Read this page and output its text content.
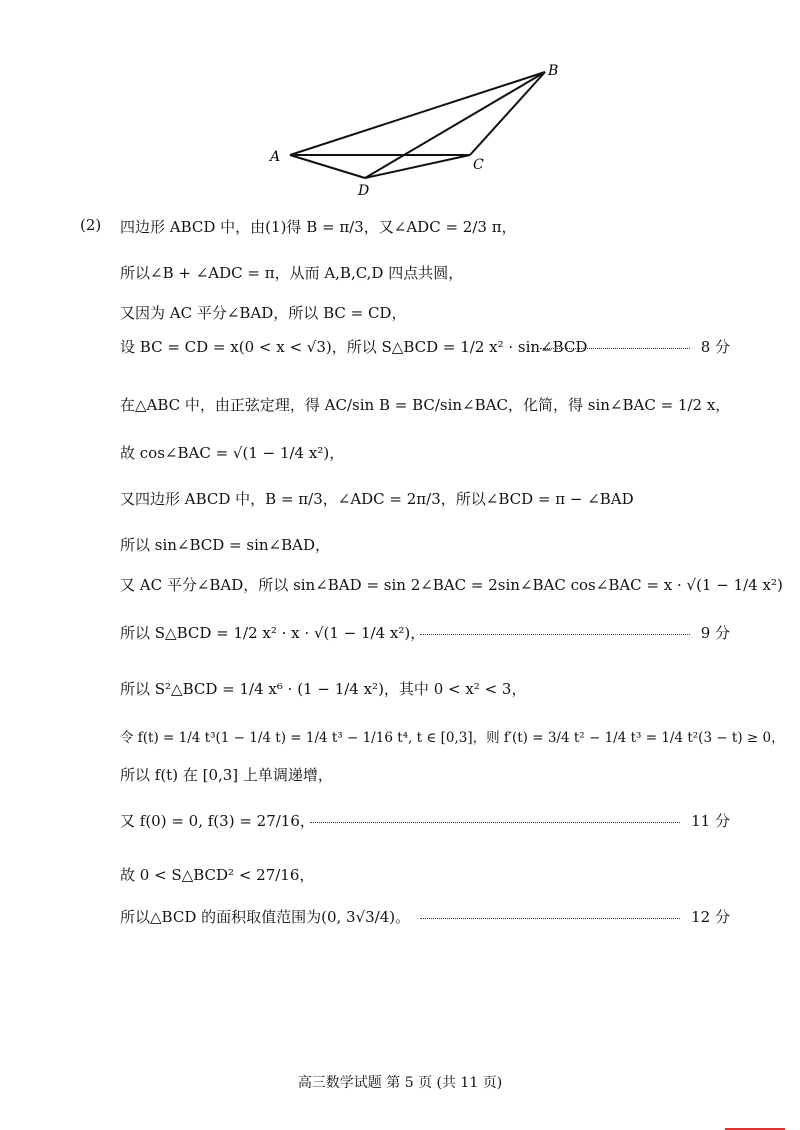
A
B
C
D
(2) 四边形 ABCD 中，由(1)得 B = π/3，又∠ADC = 2/3 π，
所以∠B + ∠ADC = π，从而 A,B,C,D 四点共圆，
又因为 AC 平分∠BAD，所以 BC = CD，
设 BC = CD = x(0 < x < √3)，所以 S△BCD = 1/2 x² · sin∠BCD	8 分
在△ABC 中，由正弦定理，得 AC/sin B = BC/sin∠BAC，化简，得 sin∠BAC = 1/2 x，
故 cos∠BAC = √(1 − 1/4 x²)，
又四边形 ABCD 中，B = π/3，∠ADC = 2π/3，所以∠BCD = π − ∠BAD
所以 sin∠BCD = sin∠BAD，
又 AC 平分∠BAD，所以 sin∠BAD = sin 2∠BAC = 2sin∠BAC cos∠BAC = x · √(1 − 1/4 x²)
所以 S△BCD = 1/2 x² · x · √(1 − 1/4 x²)，	9 分
所以 S²△BCD = 1/4 x⁶ · (1 − 1/4 x²)，其中 0 < x² < 3，
令 f(t) = 1/4 t³(1 − 1/4 t) = 1/4 t³ − 1/16 t⁴, t ∈ [0,3]，则 f′(t) = 3/4 t² − 1/4 t³ = 1/4 t²(3 − t) ≥ 0，
所以 f(t) 在 [0,3] 上单调递增，
又 f(0) = 0, f(3) = 27/16，	11 分
故 0 < S△BCD² < 27/16，
所以△BCD 的面积取值范围为(0, 3√3/4)。	12 分
高三数学试题 第 5 页 (共 11 页)
